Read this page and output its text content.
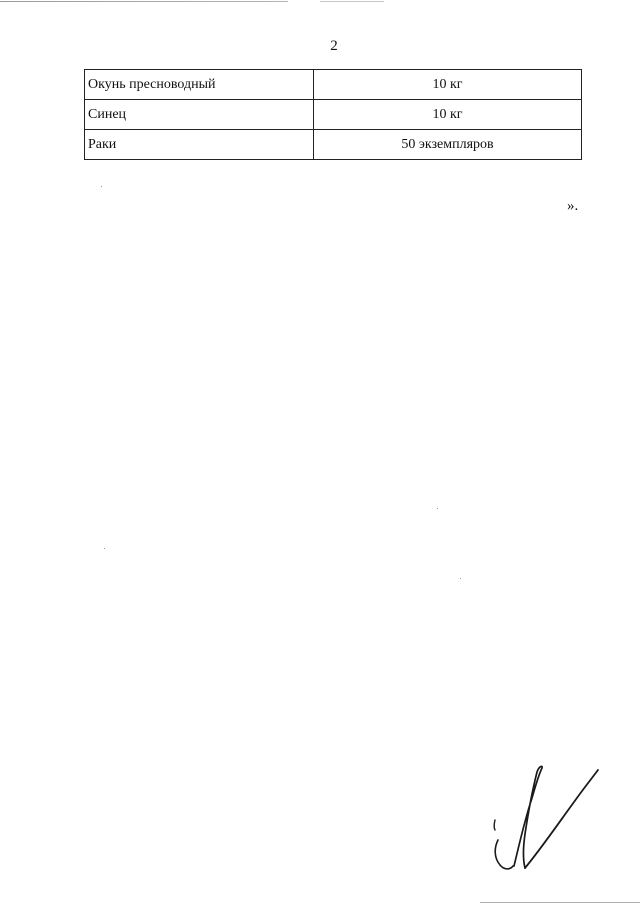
2
Окунь пресноводный	10 кг
Синец	10 кг
Раки	50 экземпляров
».
